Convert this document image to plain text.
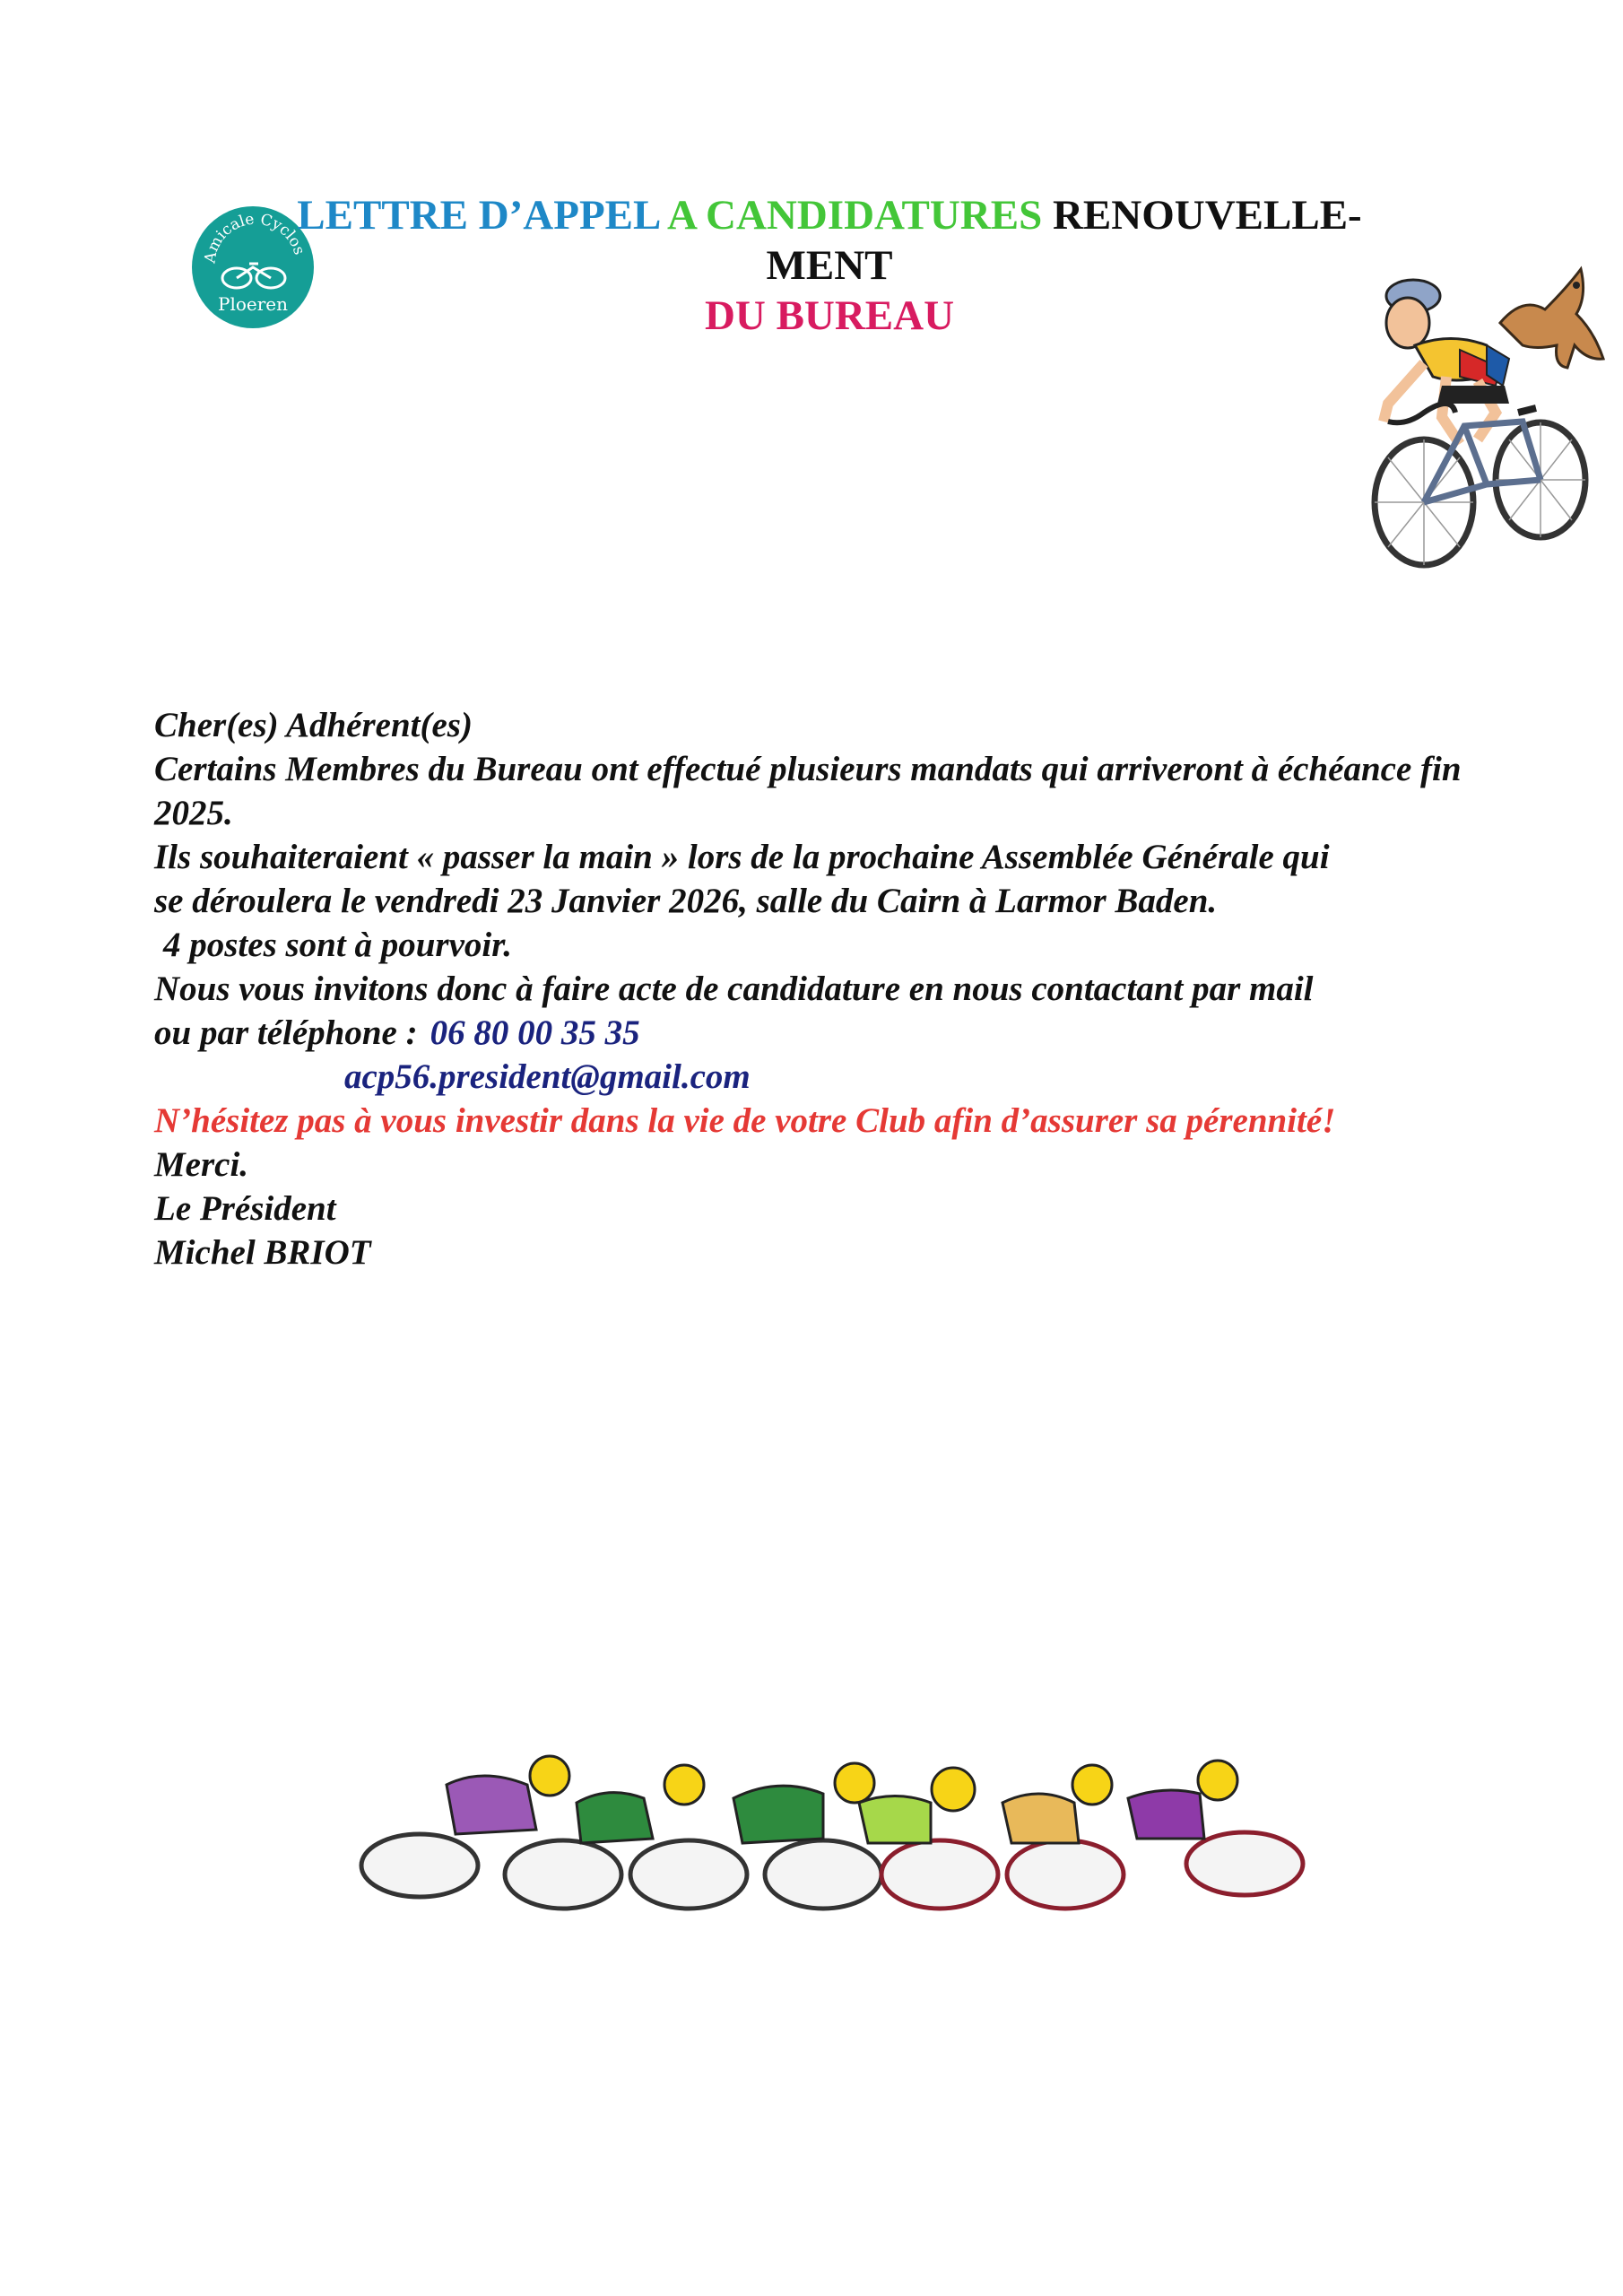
Amicale Cyclos
Ploeren
LETTRE D’APPEL A CANDIDATURES RENOUVELLE-
MENT
DU BUREAU

Cher(es) Adhérent(es)

Certains Membres du Bureau ont effectué plusieurs mandats qui arriveront à échéance fin 2025.

Ils souhaiteraient « passer la main » lors de la prochaine Assemblée Générale qui
se déroulera le vendredi 23 Janvier 2026, salle du Cairn à Larmor Baden.

4 postes sont à pourvoir.

Nous vous invitons donc à faire acte de candidature en nous contactant par mail
ou par téléphone : 06 80 00 35 35

acp56.president@gmail.com

N’hésitez pas à vous investir dans la vie de votre Club afin d’assurer sa pérennité!

Merci.

Le Président

Michel BRIOT
